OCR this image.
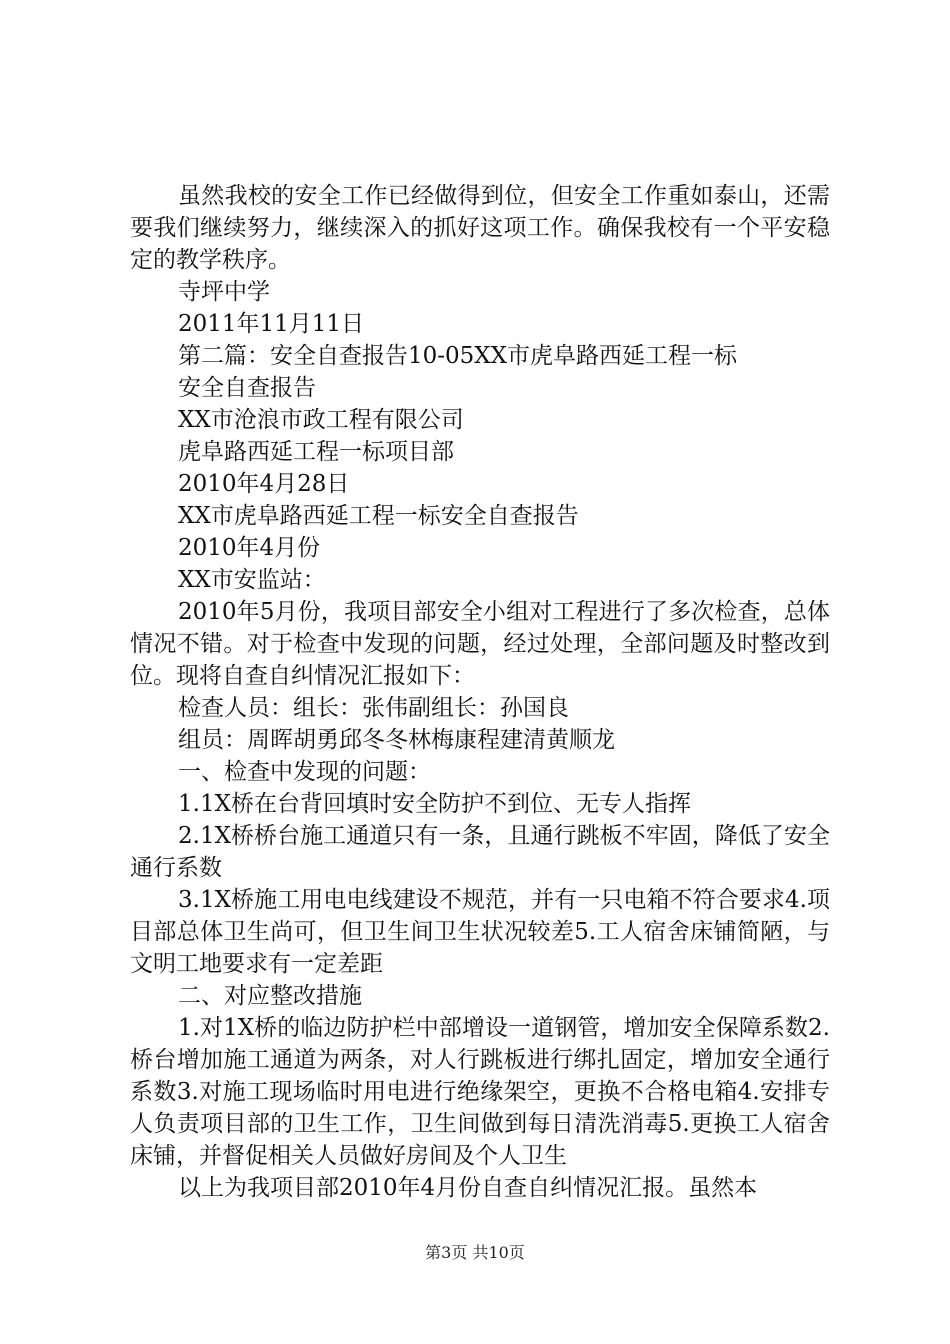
虽然我校的安全工作已经做得到位，但安全工作重如泰山，还需要我们继续努力，继续深入的抓好这项工作。确保我校有一个平安稳定的教学秩序。

寺坪中学

2011年11月11日

第二篇：安全自查报告10-05XX市虎阜路西延工程一标

安全自查报告

XX市沧浪市政工程有限公司

虎阜路西延工程一标项目部

2010年4月28日

XX市虎阜路西延工程一标安全自查报告

2010年4月份

XX市安监站：

2010年5月份，我项目部安全小组对工程进行了多次检查，总体情况不错。对于检查中发现的问题，经过处理，全部问题及时整改到位。现将自查自纠情况汇报如下：

检查人员：组长：张伟副组长：孙国良

组员：周晖胡勇邱冬冬林梅康程建清黄顺龙

一、检查中发现的问题：

1.1X桥在台背回填时安全防护不到位、无专人指挥

2.1X桥桥台施工通道只有一条，且通行跳板不牢固，降低了安全通行系数

3.1X桥施工用电电线建设不规范，并有一只电箱不符合要求4.项目部总体卫生尚可，但卫生间卫生状况较差5.工人宿舍床铺简陋，与文明工地要求有一定差距

二、对应整改措施

1.对1X桥的临边防护栏中部增设一道钢管，增加安全保障系数2.桥台增加施工通道为两条，对人行跳板进行绑扎固定，增加安全通行系数3.对施工现场临时用电进行绝缘架空，更换不合格电箱4.安排专人负责项目部的卫生工作，卫生间做到每日清洗消毒5.更换工人宿舍床铺，并督促相关人员做好房间及个人卫生

以上为我项目部2010年4月份自查自纠情况汇报。虽然本

第3页 共10页
